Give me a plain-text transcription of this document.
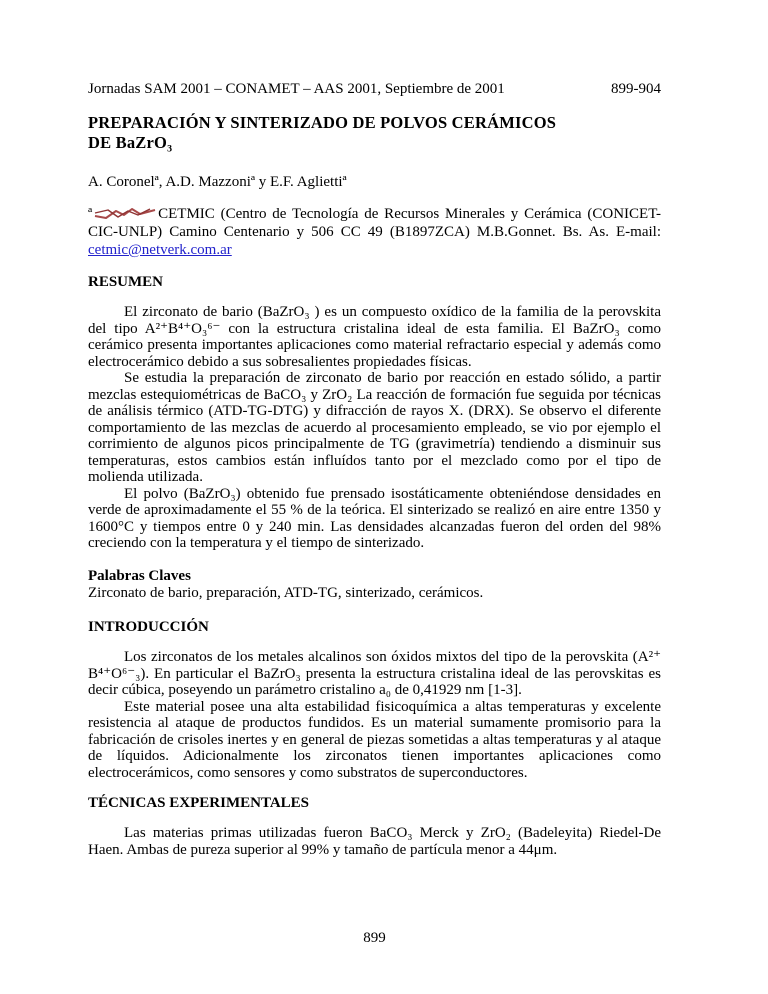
Jornadas SAM 2001 – CONAMET – AAS 2001, Septiembre de 2001	899-904
PREPARACIÓN Y SINTERIZADO DE POLVOS CERÁMICOS
DE BaZrO₃
A. Coronelª, A.D. Mazzoniª y E.F. Agliettiª
ª	CETMIC (Centro de Tecnología de Recursos Minerales y Cerámica (CONICET-CIC-UNLP) Camino Centenario y 506 CC 49 (B1897ZCA) M.B.Gonnet. Bs. As. E-mail: cetmic@netverk.com.ar
RESUMEN

El zirconato de bario (BaZrO₃ ) es un compuesto oxídico de la familia de la perovskita del tipo A²⁺B⁴⁺O₃⁶⁻ con la estructura cristalina ideal de esta familia. El BaZrO₃ como cerámico presenta importantes aplicaciones como material refractario especial y además como electrocerámico debido a sus sobresalientes propiedades físicas.

Se estudia la preparación de zirconato de bario por reacción en estado sólido, a partir mezclas estequiométricas de BaCO₃ y ZrO₂ La reacción de formación fue seguida por técnicas de análisis térmico (ATD-TG-DTG) y difracción de rayos X. (DRX). Se observo el diferente comportamiento de las mezclas de acuerdo al procesamiento empleado, se vio por ejemplo el corrimiento de algunos picos principalmente de TG (gravimetría) tendiendo a disminuir sus temperaturas, estos cambios están influídos tanto por el mezclado como por el tipo de molienda utilizada.

El polvo (BaZrO₃) obtenido fue prensado isostáticamente obteniéndose densidades en verde de aproximadamente el 55 % de la teórica. El sinterizado se realizó en aire entre 1350 y 1600°C y tiempos entre 0 y 240 min. Las densidades alcanzadas fueron del orden del 98% creciendo con la temperatura y el tiempo de sinterizado.

Palabras Claves

Zirconato de bario, preparación, ATD-TG, sinterizado, cerámicos.

INTRODUCCIÓN

Los zirconatos de los metales alcalinos son óxidos mixtos del tipo de la perovskita (A²⁺ B⁴⁺O⁶⁻₃). En particular el BaZrO₃ presenta la estructura cristalina ideal de las perovskitas es decir cúbica, poseyendo un parámetro cristalino a₀ de 0,41929 nm [1-3].

Este material posee una alta estabilidad fisicoquímica a altas temperaturas y excelente resistencia al ataque de productos fundidos. Es un material sumamente promisorio para la fabricación de crisoles inertes y en general de piezas sometidas a altas temperaturas y al ataque de líquidos. Adicionalmente los zirconatos tienen importantes aplicaciones como electrocerámicos, como sensores y como substratos de superconductores.

TÉCNICAS EXPERIMENTALES

Las materias primas utilizadas fueron BaCO₃ Merck y ZrO₂ (Badeleyita) Riedel-De Haen. Ambas de pureza superior al 99% y tamaño de partícula menor a 44μm.

899
